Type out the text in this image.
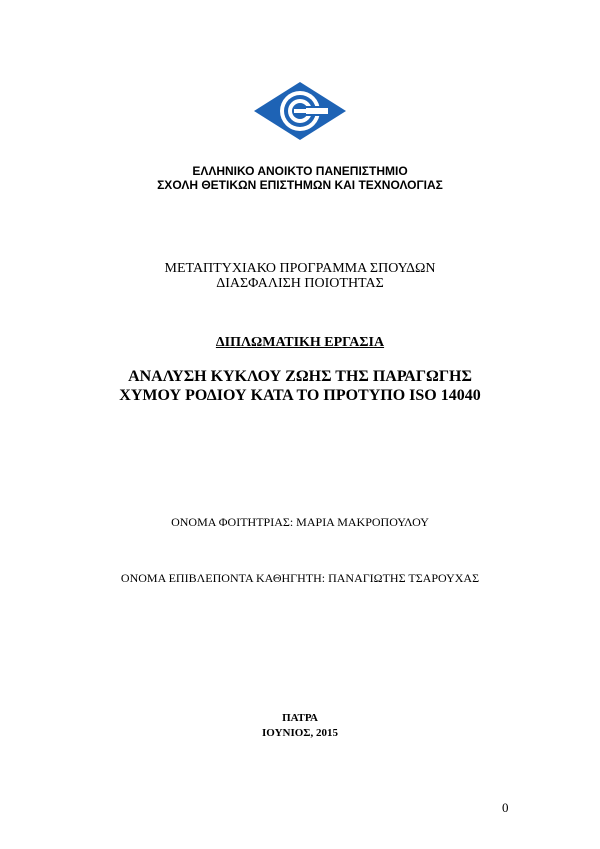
ΕΛΛΗΝΙΚΟ ΑΝΟΙΚΤΟ ΠΑΝΕΠΙΣΤΗΜΙΟ
ΣΧΟΛΗ ΘΕΤΙΚΩΝ ΕΠΙΣΤΗΜΩΝ ΚΑΙ ΤΕΧΝΟΛΟΓΙΑΣ
ΜΕΤΑΠΤΥΧΙΑΚΟ ΠΡΟΓΡΑΜΜΑ ΣΠΟΥΔΩΝ
ΔΙΑΣΦΑΛΙΣΗ ΠΟΙΟΤΗΤΑΣ
ΔΙΠΛΩΜΑΤΙΚΗ ΕΡΓΑΣΙΑ
ΑΝΑΛΥΣΗ ΚΥΚΛΟΥ ΖΩΗΣ ΤΗΣ ΠΑΡΑΓΩΓΗΣ
ΧΥΜΟΥ ΡΟΔΙΟΥ ΚΑΤΑ ΤΟ ΠΡΟΤΥΠΟ ISO 14040
ΟΝΟΜΑ ΦΟΙΤΗΤΡΙΑΣ: ΜΑΡΙΑ ΜΑΚΡΟΠΟΥΛΟΥ
ΟΝΟΜΑ ΕΠΙΒΛΕΠΟΝΤΑ ΚΑΘΗΓΗΤΗ: ΠΑΝΑΓΙΩΤΗΣ ΤΣΑΡΟΥΧΑΣ
ΠΑΤΡΑ
ΙΟΥΝΙΟΣ, 2015
0
